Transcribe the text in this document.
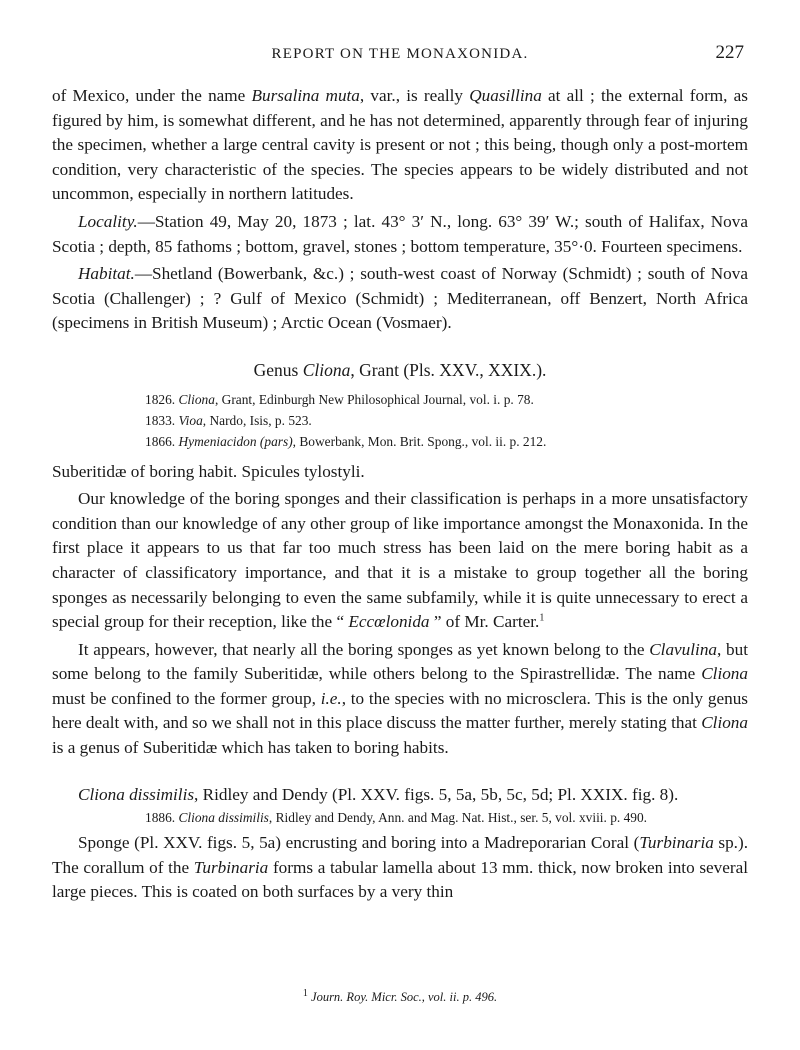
REPORT ON THE MONAXONIDA.	227

of Mexico, under the name Bursalina muta, var., is really Quasillina at all ; the external form, as figured by him, is somewhat different, and he has not determined, apparently through fear of injuring the specimen, whether a large central cavity is present or not ; this being, though only a post-mortem condition, very characteristic of the species. The species appears to be widely distributed and not uncommon, especially in northern latitudes.

Locality.—Station 49, May 20, 1873 ; lat. 43° 3′ N., long. 63° 39′ W.; south of Halifax, Nova Scotia ; depth, 85 fathoms ; bottom, gravel, stones ; bottom temperature, 35°·0. Fourteen specimens.

Habitat.—Shetland (Bowerbank, &c.) ; south-west coast of Norway (Schmidt) ; south of Nova Scotia (Challenger) ; ? Gulf of Mexico (Schmidt) ; Mediterranean, off Benzert, North Africa (specimens in British Museum) ; Arctic Ocean (Vosmaer).

Genus Cliona, Grant (Pls. XXV., XXIX.).

1826. Cliona, Grant, Edinburgh New Philosophical Journal, vol. i. p. 78.
1833. Vioa, Nardo, Isis, p. 523.
1866. Hymeniacidon (pars), Bowerbank, Mon. Brit. Spong., vol. ii. p. 212.

Suberitidæ of boring habit. Spicules tylostyli.

Our knowledge of the boring sponges and their classification is perhaps in a more unsatisfactory condition than our knowledge of any other group of like importance amongst the Monaxonida. In the first place it appears to us that far too much stress has been laid on the mere boring habit as a character of classificatory importance, and that it is a mistake to group together all the boring sponges as necessarily belonging to even the same subfamily, while it is quite unnecessary to erect a special group for their reception, like the “ Eccœlonida ” of Mr. Carter.$^1$

It appears, however, that nearly all the boring sponges as yet known belong to the Clavulina, but some belong to the family Suberitidæ, while others belong to the Spirastrellidæ. The name Cliona must be confined to the former group, i.e., to the species with no microsclera. This is the only genus here dealt with, and so we shall not in this place discuss the matter further, merely stating that Cliona is a genus of Suberitidæ which has taken to boring habits.

Cliona dissimilis, Ridley and Dendy (Pl. XXV. figs. 5, 5a, 5b, 5c, 5d; Pl. XXIX. fig. 8).

1886. Cliona dissimilis, Ridley and Dendy, Ann. and Mag. Nat. Hist., ser. 5, vol. xviii. p. 490.

Sponge (Pl. XXV. figs. 5, 5a) encrusting and boring into a Madreporarian Coral (Turbinaria sp.). The corallum of the Turbinaria forms a tabular lamella about 13 mm. thick, now broken into several large pieces. This is coated on both surfaces by a very thin

$^1$ Journ. Roy. Micr. Soc., vol. ii. p. 496.
